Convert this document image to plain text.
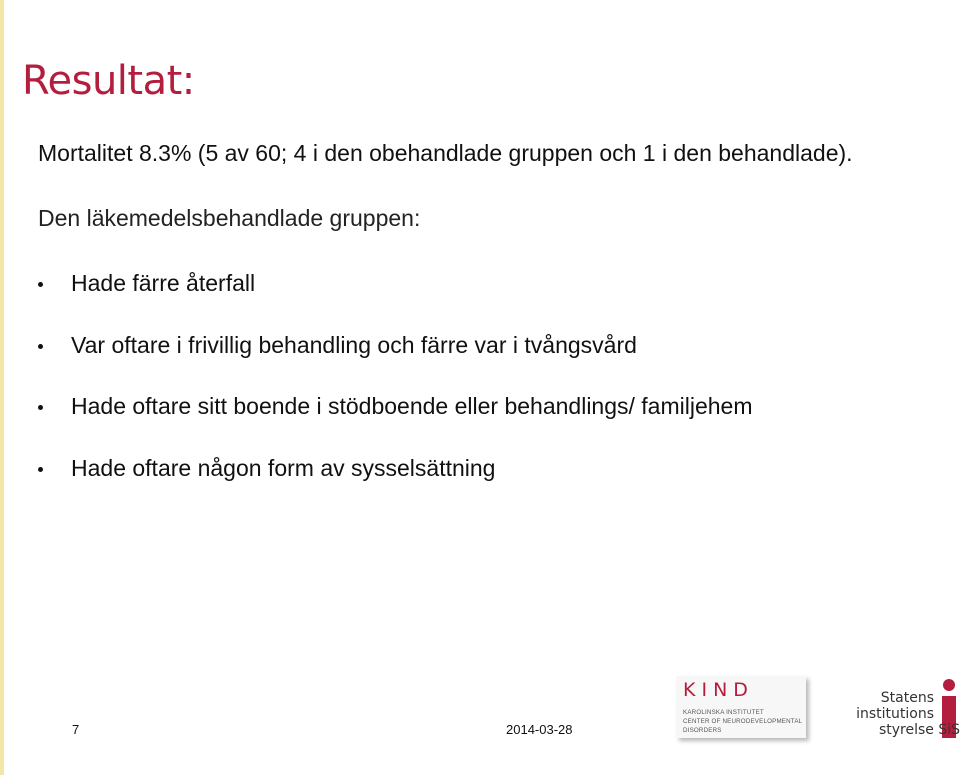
Resultat:
Mortalitet 8.3% (5 av 60; 4 i den obehandlade gruppen och 1 i den behandlade).
Den läkemedelsbehandlade gruppen:
Hade färre återfall
Var oftare i frivillig behandling och färre var i tvångsvård
Hade oftare sitt boende i stödboende eller behandlings/ familjehem
Hade oftare någon form av sysselsättning
7	2014-03-28
KIND
KAROLINSKA INSTITUTET
CENTER OF NEURODEVELOPMENTAL
DISORDERS
Statens
institutions
styrelse SiS
